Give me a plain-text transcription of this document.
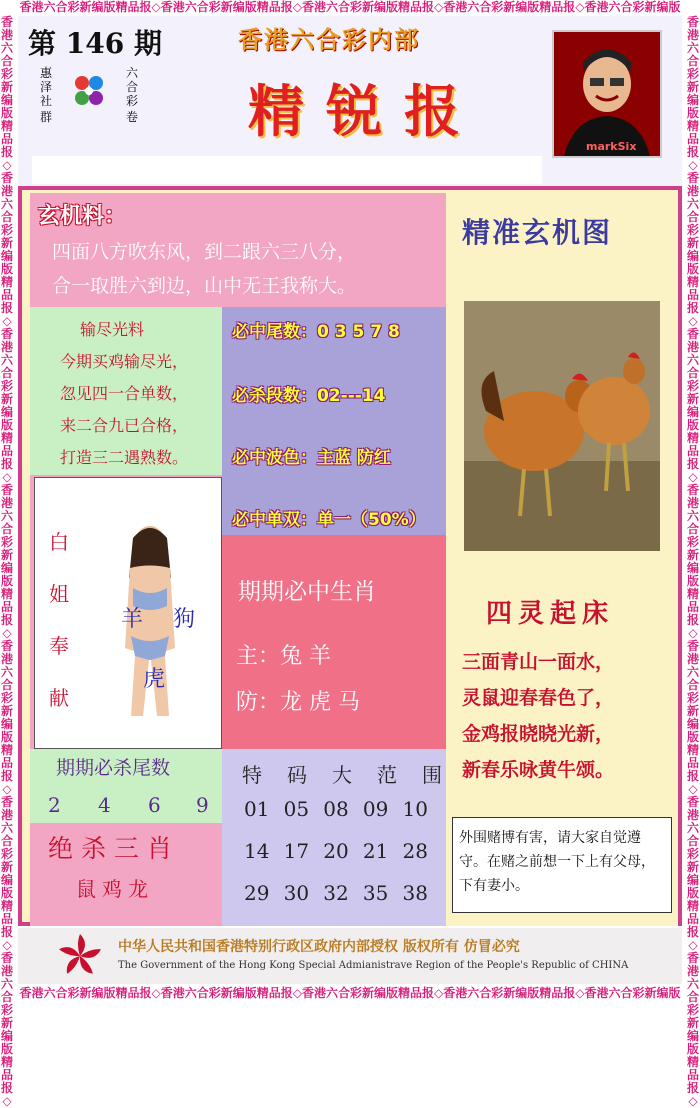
香港六合彩新编版精品报◇香港六合彩新编版精品报◇香港六合彩新编版精品报◇香港六合彩新编版精品报◇香港六合彩新编版
香港六合彩新编版精品报◇香港六合彩新编版精品报◇香港六合彩新编版精品报◇香港六合彩新编版精品报◇香港六合彩新编版
香港六合彩新编版精品报◇香港六合彩新编版精品报◇香港六合彩新编版精品报◇香港六合彩新编版精品报◇香港六合彩新编版精品报◇香港六合彩新编版精品报◇香港六合彩新编版精品报◇
香港六合彩新编版精品报◇香港六合彩新编版精品报◇香港六合彩新编版精品报◇香港六合彩新编版精品报◇香港六合彩新编版精品报◇香港六合彩新编版精品报◇香港六合彩新编版精品报◇
第 146 期
惠泽社
群
六合彩
卷
香港六合彩内部
精锐报
markSix
玄机料：
四面八方吹东风，到二跟六三八分，
合一取胜六到边，山中无王我称大。
输尽光料
今期买鸡输尽光，
忽见四一合单数，
来二合九已合格，
打造三二遇熟数。
必中尾数：0 3 5 7 8
必杀段数：02---14
必中波色：主蓝 防红
必中单双：单一（50%）
白
姐
奉
献
羊 狗
虎
期期必中生肖
主：兔 羊
防：龙 虎 马
期期必杀尾数
2 4 6 9
绝 杀 三 肖
鼠鸡龙
特 码 大 范 围
01 05 08 09 10
14 17 20 21 28
29 30 32 35 38
精准玄机图
四灵起床
三面青山一面水，
灵鼠迎春春色了，
金鸡报晓晓光新，
新春乐咏黄牛颂。
外围赌博有害，请大家自觉遵守。在赌之前想一下上有父母，下有妻小。
中华人民共和国香港特别行政区政府内部授权 版权所有 仿冒必究
The Government of the Hong Kong Special Admianistrave Region of the People's Republic of CHINA
